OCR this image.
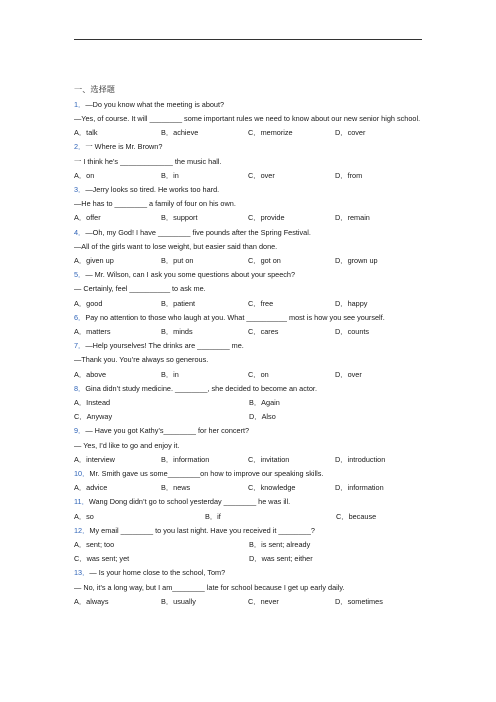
一、选择题
1．—Do you know what the meeting is about?
—Yes, of course. It will ________ some important rules we need to know about our new senior high school.
A．talk	B．achieve	C．memorize	D．cover
2．一 Where is Mr. Brown?
一 I think he’s _____________ the music hall.
A．on	B．in	C．over	D．from
3．—Jerry looks so tired. He works too hard.
—He has to ________ a family of four on his own.
A．offer	B．support	C．provide	D．remain
4．—Oh, my God! I have ________ five pounds after the Spring Festival.
—All of the girls want to lose weight, but easier said than done.
A．given up	B．put on	C．got on	D．grown up
5．— Mr. Wilson, can I ask you some questions about your speech?
— Certainly, feel __________ to ask me.
A．good	B．patient	C．free	D．happy
6．Pay no attention to those who laugh at you. What __________ most is how you see yourself.
A．matters	B．minds	C．cares	D．counts
7．—Help yourselves! The drinks are ________ me.
—Thank you. You’re always so generous.
A．above	B．in	C．on	D．over
8．Gina didn’t study medicine. ________, she decided to become an actor.
A．Instead	B．Again
C．Anyway	D．Also
9．— Have you got Kathy’s________ for her concert?
— Yes, I’d like to go and enjoy it.
A．interview	B．information	C．invitation	D．introduction
10．Mr. Smith gave us some________on how to improve our speaking skills.
A．advice	B．news	C．knowledge	D．information
11．Wang Dong didn’t go to school yesterday ________ he was ill.
A．so	B．if	C．because
12．My email ________ to you last night. Have you received it ________?
A．sent; too	B．is sent; already
C．was sent; yet	D．was sent; either
13．— Is your home close to the school, Tom?
— No, it’s a long way, but I am________ late for school because I get up early daily.
A．always	B．usually	C．never	D．sometimes
